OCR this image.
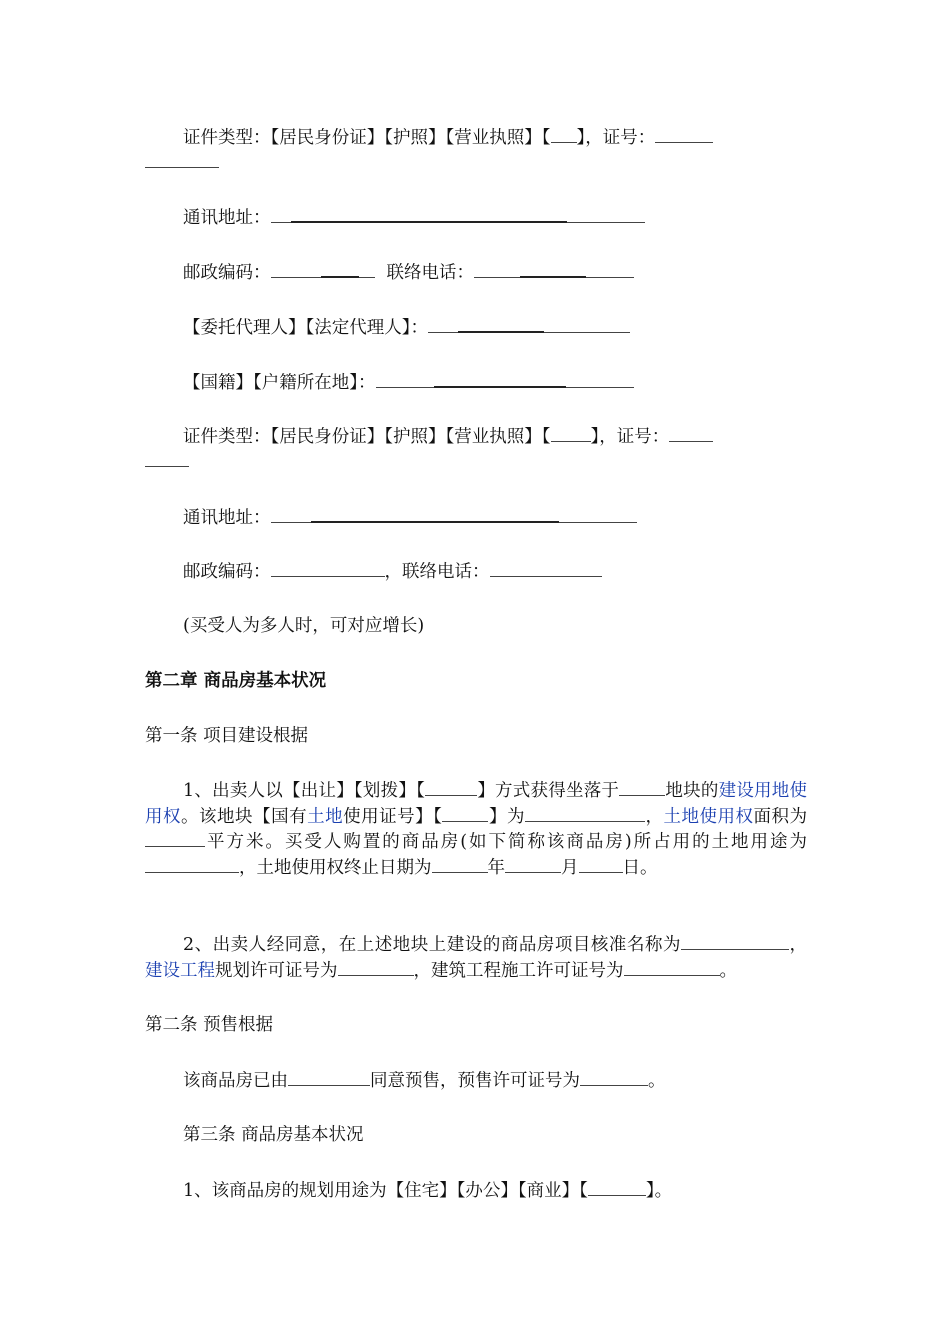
证件类型：【居民身份证】【护照】【营业执照】【 】，证号：
通讯地址：
邮政编码：	联络电话：
【委托代理人】【法定代理人】：
【国籍】【户籍所在地】：
证件类型：【居民身份证】【护照】【营业执照】【 】，证号：
通讯地址：
邮政编码：	，联络电话：
(买受人为多人时，可对应增长)
第二章 商品房基本状况
第一条 项目建设根据
1、出卖人以【出让】【划拨】【	】方式获得坐落于	地块的建设用地使用权。该地块【国有土地使用证号】【	】为	，土地使用权面积为平方米。买受人购置的商品房(如下简称该商品房)所占用的土地用途为，土地使用权终止日期为	年	月	日。
2、出卖人经同意，在上述地块上建设的商品房项目核准名称为	，建设工程规划许可证号为	，建筑工程施工许可证号为	。
第二条 预售根据
该商品房已由	同意预售，预售许可证号为	。
第三条 商品房基本状况
1、该商品房的规划用途为【住宅】【办公】【商业】【	】。
